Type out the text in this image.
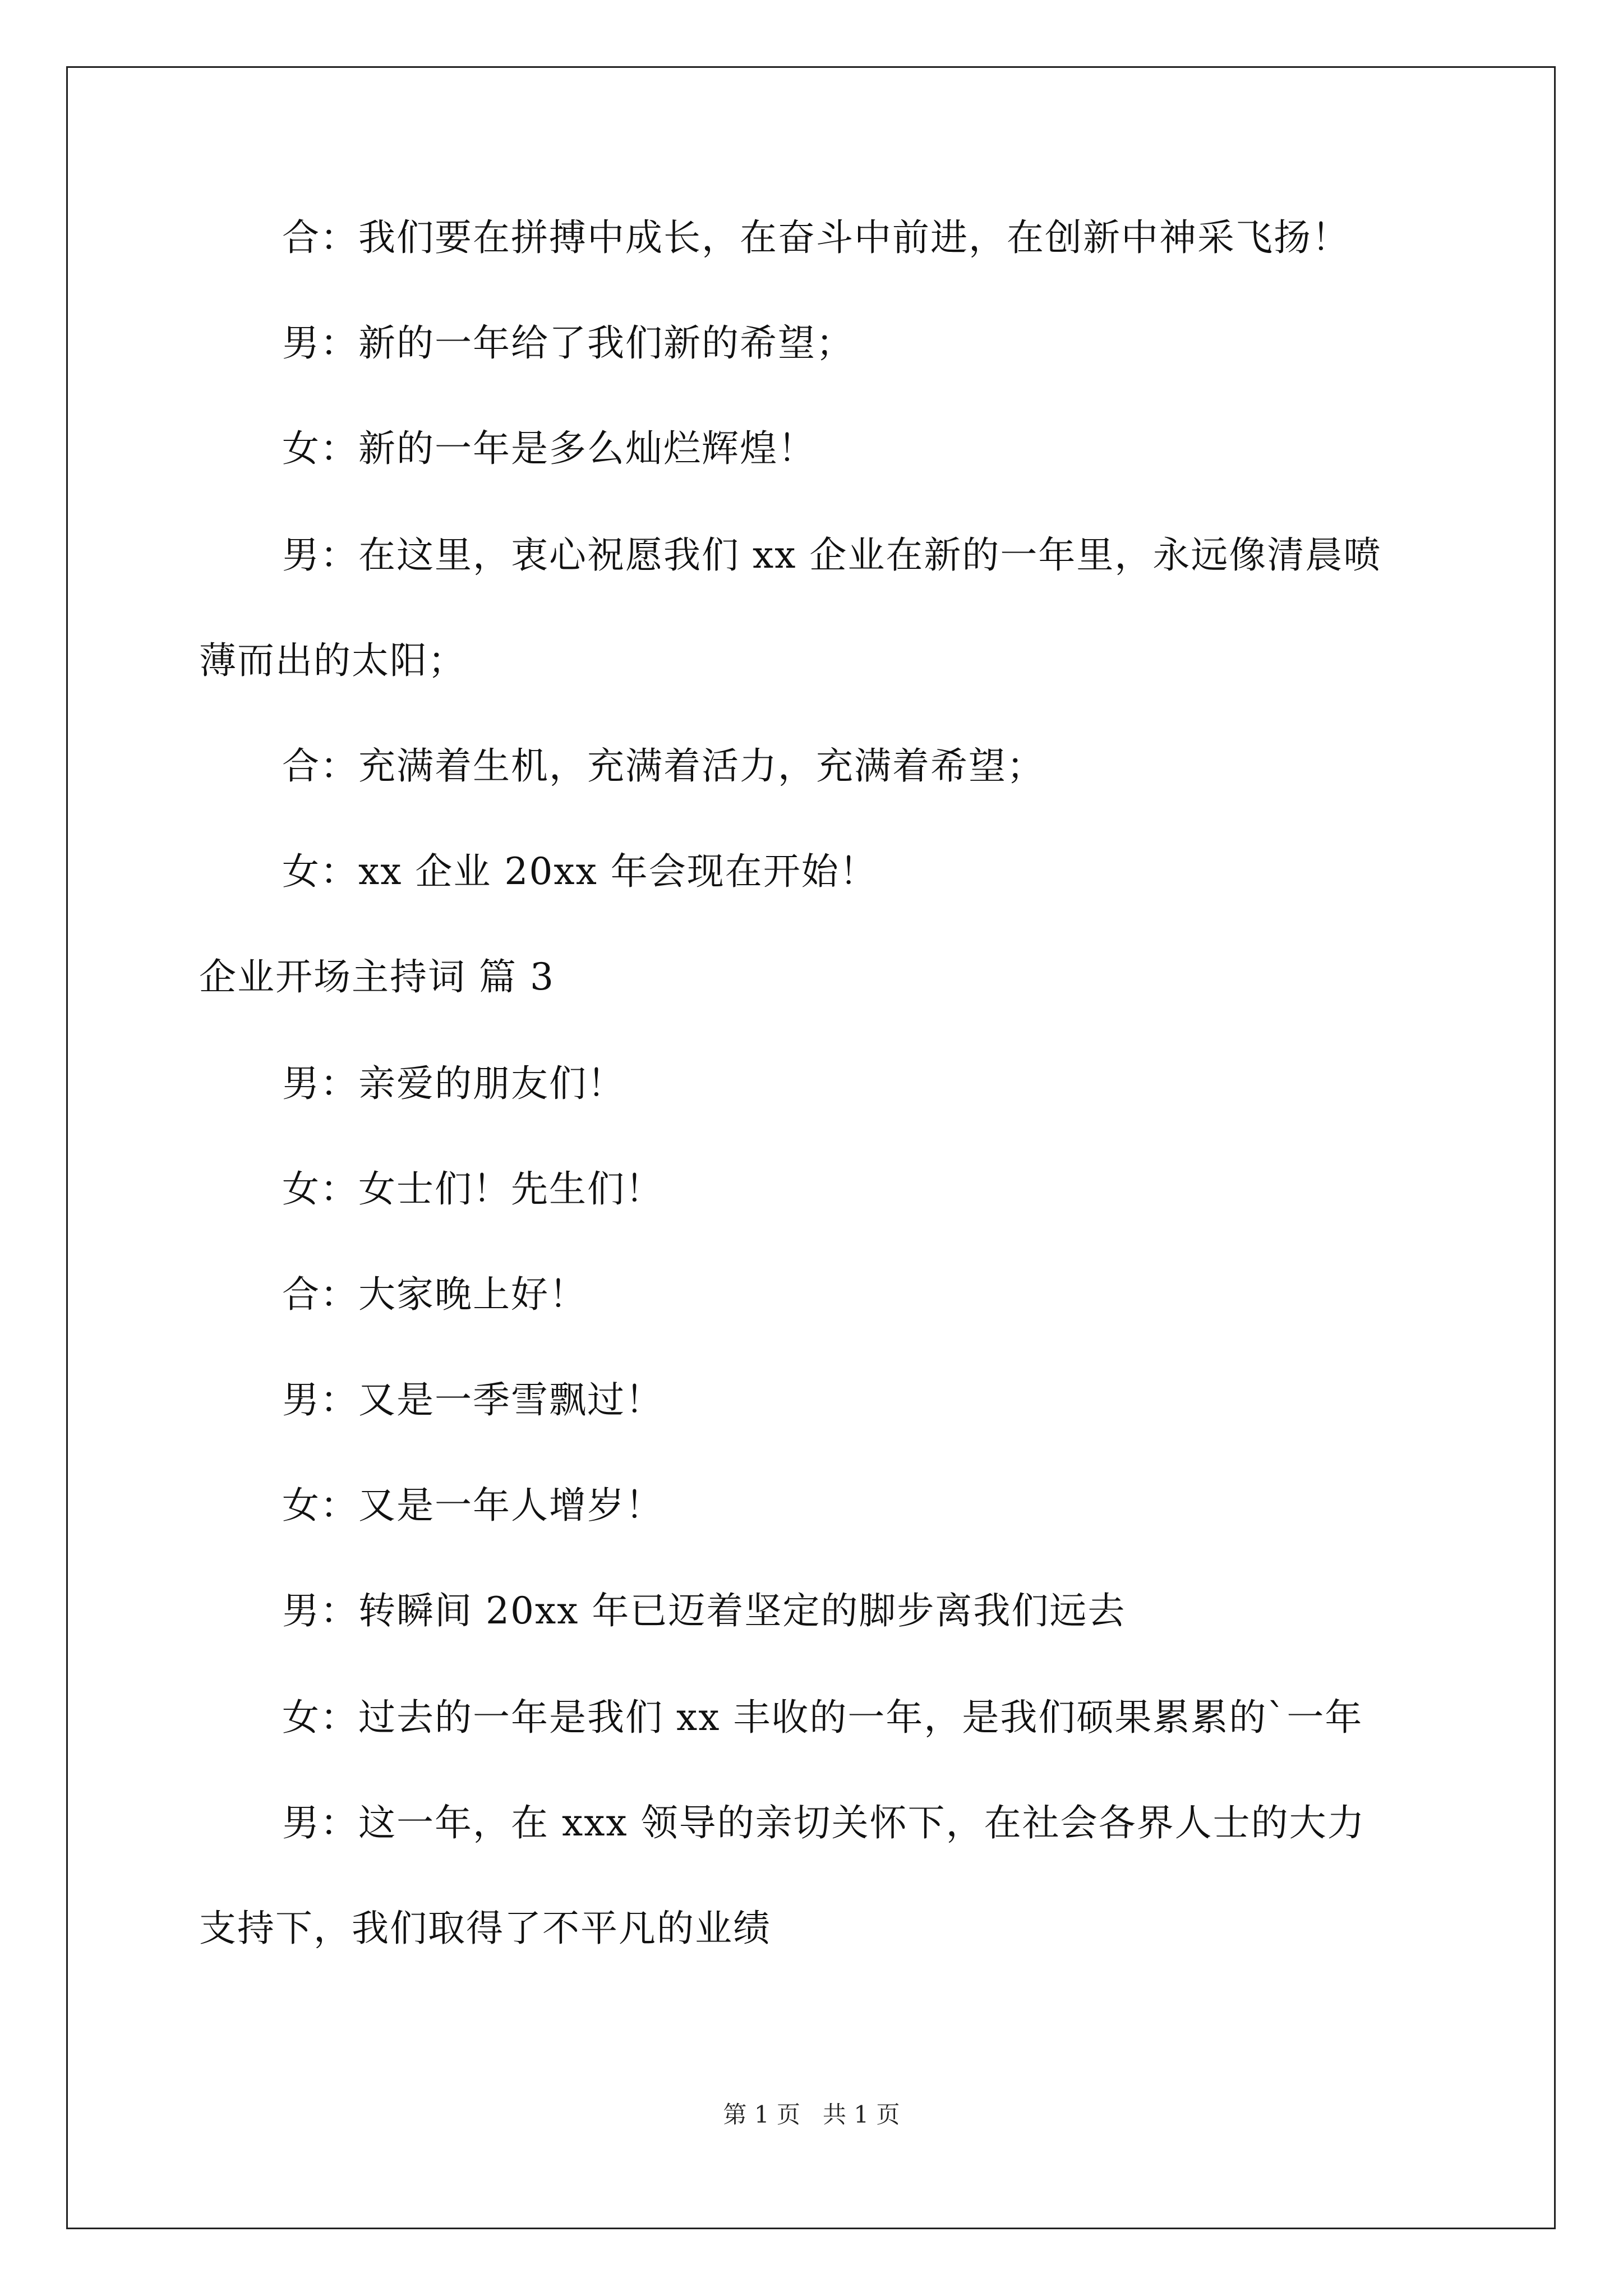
合：我们要在拼搏中成长，在奋斗中前进，在创新中神采飞扬！
男：新的一年给了我们新的希望；
女：新的一年是多么灿烂辉煌！
男：在这里，衷心祝愿我们 xx 企业在新的一年里，永远像清晨喷
薄而出的太阳；
合：充满着生机，充满着活力，充满着希望；
女：xx 企业 20xx 年会现在开始！
企业开场主持词 篇 3
男：亲爱的朋友们！
女：女士们！先生们！
合：大家晚上好！
男：又是一季雪飘过！
女：又是一年人增岁！
男：转瞬间 20xx 年已迈着坚定的脚步离我们远去
女：过去的一年是我们 xx 丰收的一年，是我们硕果累累的`一年
男：这一年，在 xxx 领导的亲切关怀下，在社会各界人士的大力
支持下，我们取得了不平凡的业绩
第 1 页   共 1 页
